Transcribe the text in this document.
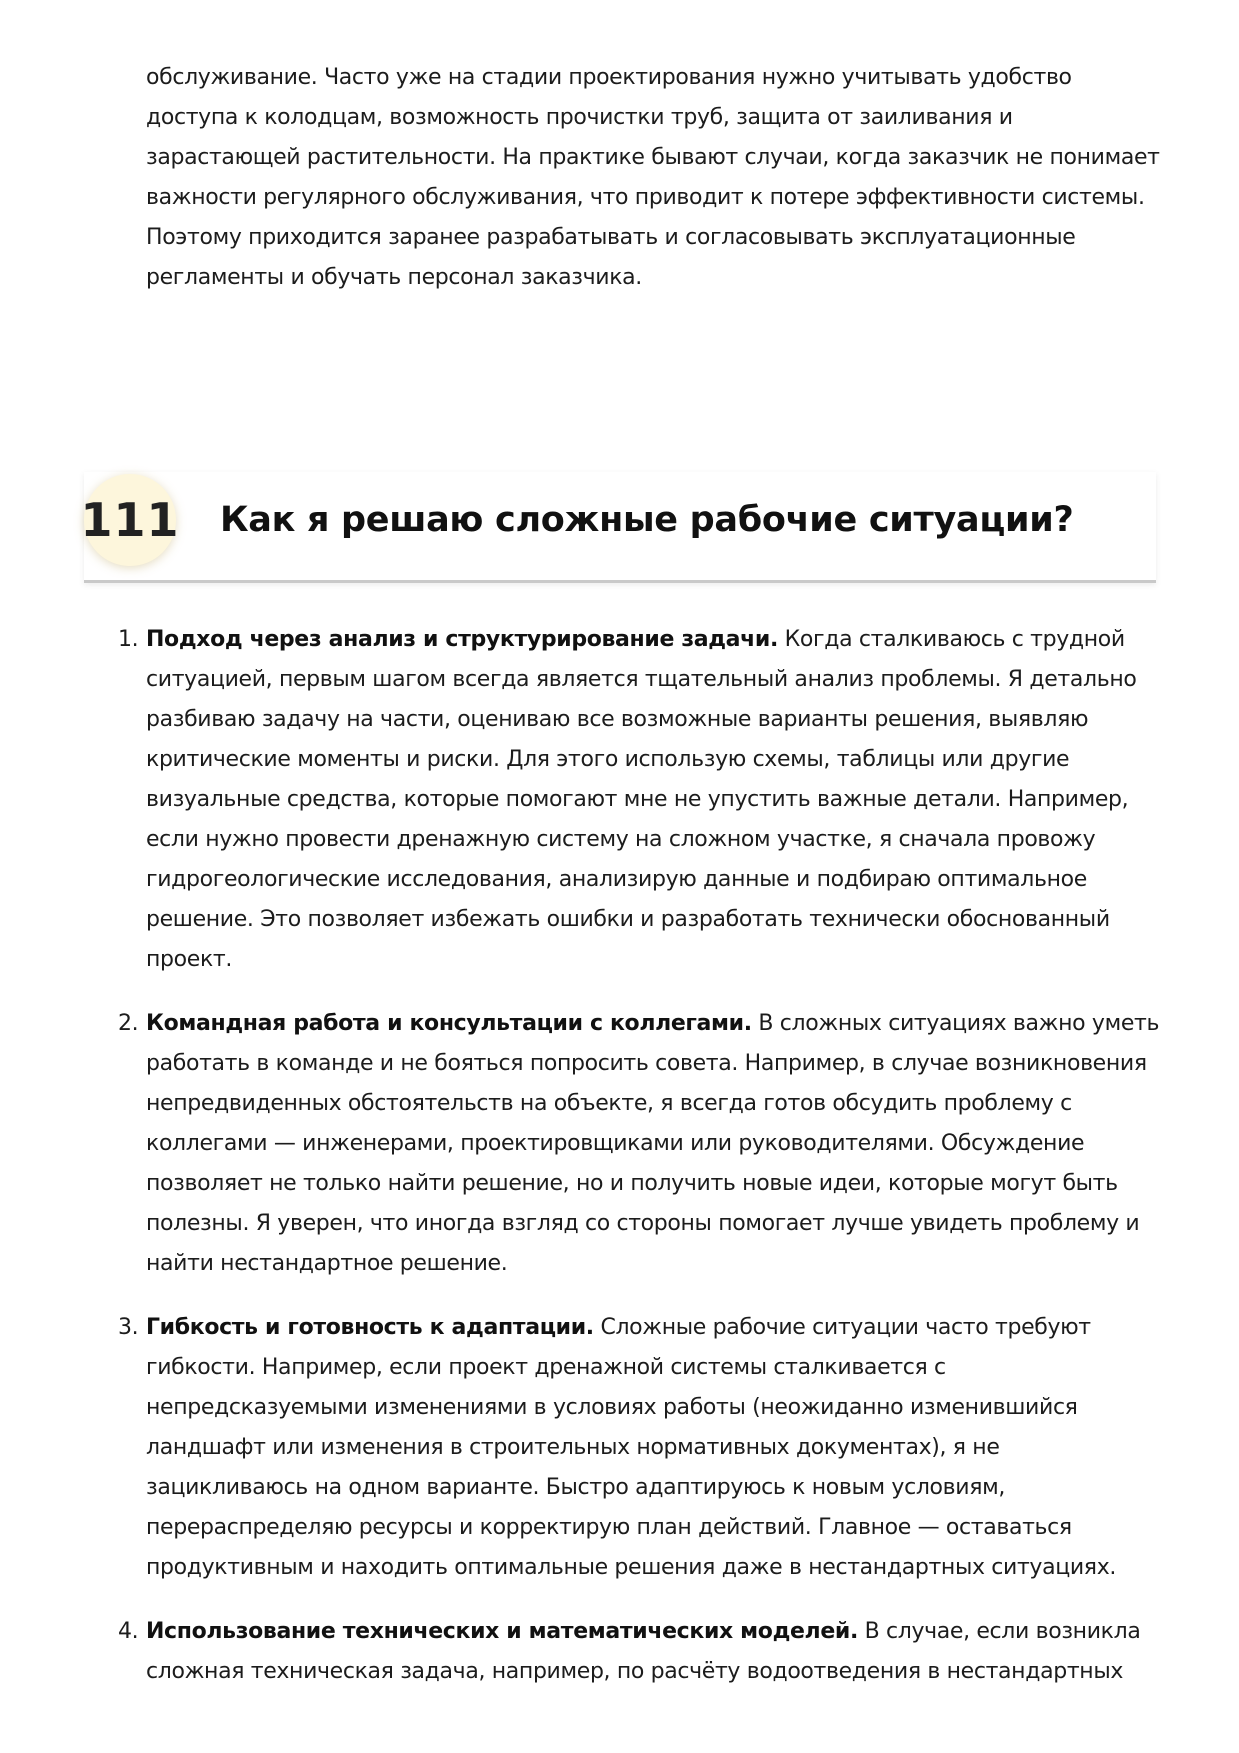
обслуживание. Часто уже на стадии проектирования нужно учитывать удобство доступа к колодцам, возможность прочистки труб, защита от заиливания и зарастающей растительности. На практике бывают случаи, когда заказчик не понимает важности регулярного обслуживания, что приводит к потере эффективности системы. Поэтому приходится заранее разрабатывать и согласовывать эксплуатационные регламенты и обучать персонал заказчика.

111 Как я решаю сложные рабочие ситуации?
1. Подход через анализ и структурирование задачи. Когда сталкиваюсь с трудной ситуацией, первым шагом всегда является тщательный анализ проблемы. Я детально разбиваю задачу на части, оцениваю все возможные варианты решения, выявляю критические моменты и риски. Для этого использую схемы, таблицы или другие визуальные средства, которые помогают мне не упустить важные детали. Например, если нужно провести дренажную систему на сложном участке, я сначала провожу гидрогеологические исследования, анализирую данные и подбираю оптимальное решение. Это позволяет избежать ошибки и разработать технически обоснованный проект.
2. Командная работа и консультации с коллегами. В сложных ситуациях важно уметь работать в команде и не бояться попросить совета. Например, в случае возникновения непредвиденных обстоятельств на объекте, я всегда готов обсудить проблему с коллегами — инженерами, проектировщиками или руководителями. Обсуждение позволяет не только найти решение, но и получить новые идеи, которые могут быть полезны. Я уверен, что иногда взгляд со стороны помогает лучше увидеть проблему и найти нестандартное решение.
3. Гибкость и готовность к адаптации. Сложные рабочие ситуации часто требуют гибкости. Например, если проект дренажной системы сталкивается с непредсказуемыми изменениями в условиях работы (неожиданно изменившийся ландшафт или изменения в строительных нормативных документах), я не зацикливаюсь на одном варианте. Быстро адаптируюсь к новым условиям, перераспределяю ресурсы и корректирую план действий. Главное — оставаться продуктивным и находить оптимальные решения даже в нестандартных ситуациях.
4. Использование технических и математических моделей. В случае, если возникла сложная техническая задача, например, по расчёту водоотведения в нестандартных
